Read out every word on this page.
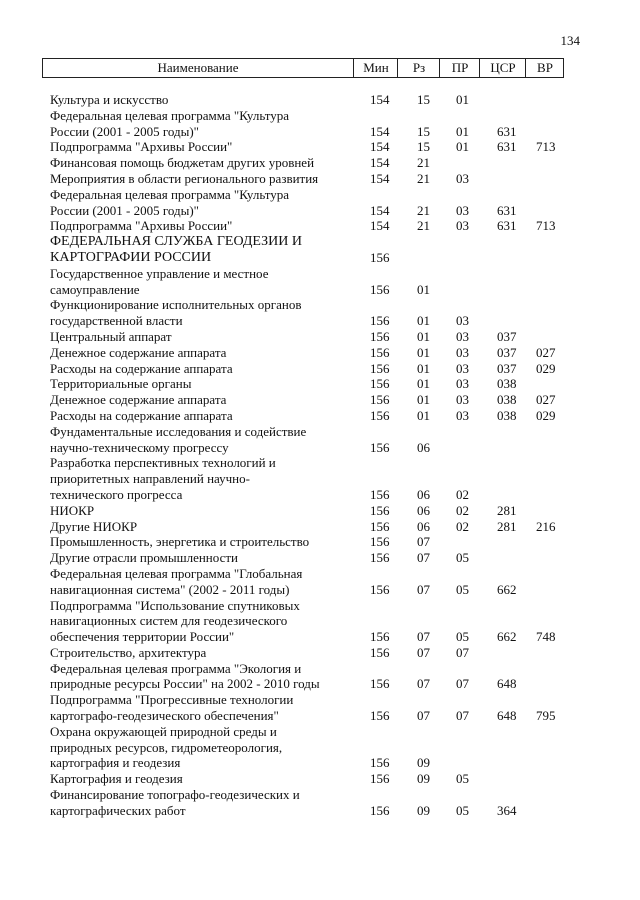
134
Наименование	Мин	Рз	ПР	ЦСР	ВР
Культура и искусство	154 15 01
Федеральная целевая программа "Культура
России (2001 - 2005 годы)"	154 15 01 631
Подпрограмма "Архивы России"	154 15 01 631 713
Финансовая помощь бюджетам других уровней	154 21
Мероприятия в области регионального развития	154 21 03
Федеральная целевая программа "Культура
России (2001 - 2005 годы)"	154 21 03 631
Подпрограмма "Архивы России"	154 21 03 631 713
ФЕДЕРАЛЬНАЯ СЛУЖБА ГЕОДЕЗИИ И
КАРТОГРАФИИ РОССИИ	156
Государственное управление и местное
самоуправление	156 01
Функционирование исполнительных органов
государственной власти	156 01 03
Центральный аппарат	156 01 03 037
Денежное содержание аппарата	156 01 03 037 027
Расходы на содержание аппарата	156 01 03 037 029
Территориальные органы	156 01 03 038
Денежное содержание аппарата	156 01 03 038 027
Расходы на содержание аппарата	156 01 03 038 029
Фундаментальные исследования и содействие
научно-техническому прогрессу	156 06
Разработка перспективных технологий и
приоритетных направлений научно-
технического прогресса	156 06 02
НИОКР	156 06 02 281
Другие НИОКР	156 06 02 281 216
Промышленность, энергетика и строительство	156 07
Другие отрасли промышленности	156 07 05
Федеральная целевая программа "Глобальная
навигационная система" (2002 - 2011 годы)	156 07 05 662
Подпрограмма "Использование спутниковых
навигационных систем для геодезического
обеспечения территории России"	156 07 05 662 748
Строительство, архитектура	156 07 07
Федеральная целевая программа "Экология и
природные ресурсы России" на 2002 - 2010 годы	156 07 07 648
Подпрограмма "Прогрессивные технологии
картографо-геодезического обеспечения"	156 07 07 648 795
Охрана окружающей природной среды и
природных ресурсов, гидрометеорология,
картография и геодезия	156 09
Картография и геодезия	156 09 05
Финансирование топографо-геодезических и
картографических работ	156 09 05 364
